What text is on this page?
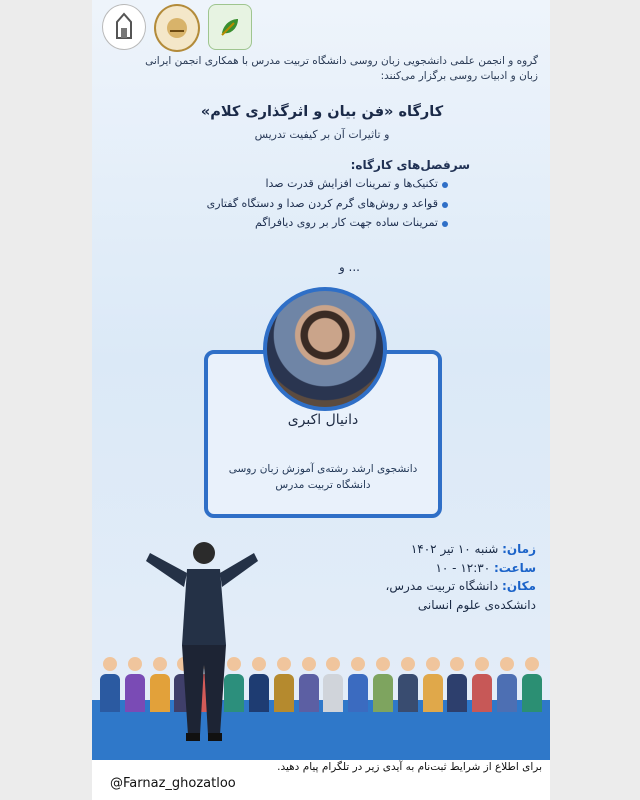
گروه و انجمن علمی دانشجویی زبان روسی دانشگاه تربیت مدرس با همکاری انجمن ایرانی
زبان و ادبیات روسی برگزار می‌کنند:
کارگاه «فن بیان و اثرگذاری کلام»
و تاثیرات آن بر کیفیت تدریس
سرفصل‌های کارگاه:
تکنیک‌ها و تمرینات افزایش قدرت صدا
قواعد و روش‌های گرم کردن صدا و دستگاه گفتاری
تمرینات ساده جهت کار بر روی دیافراگم
و ...
دانیال اکبری
دانشجوی ارشد رشته‌ی آموزش زبان روسی
دانشگاه تربیت مدرس
زمان: شنبه ۱۰ تیر ۱۴۰۲
ساعت: ۱۲:۳۰ - ۱۰
مکان: دانشگاه تربیت مدرس،
دانشکده‌ی علوم انسانی
برای اطلاع از شرایط ثبت‌نام به آیدی زیر در تلگرام پیام دهید.
@Farnaz_ghozatloo
